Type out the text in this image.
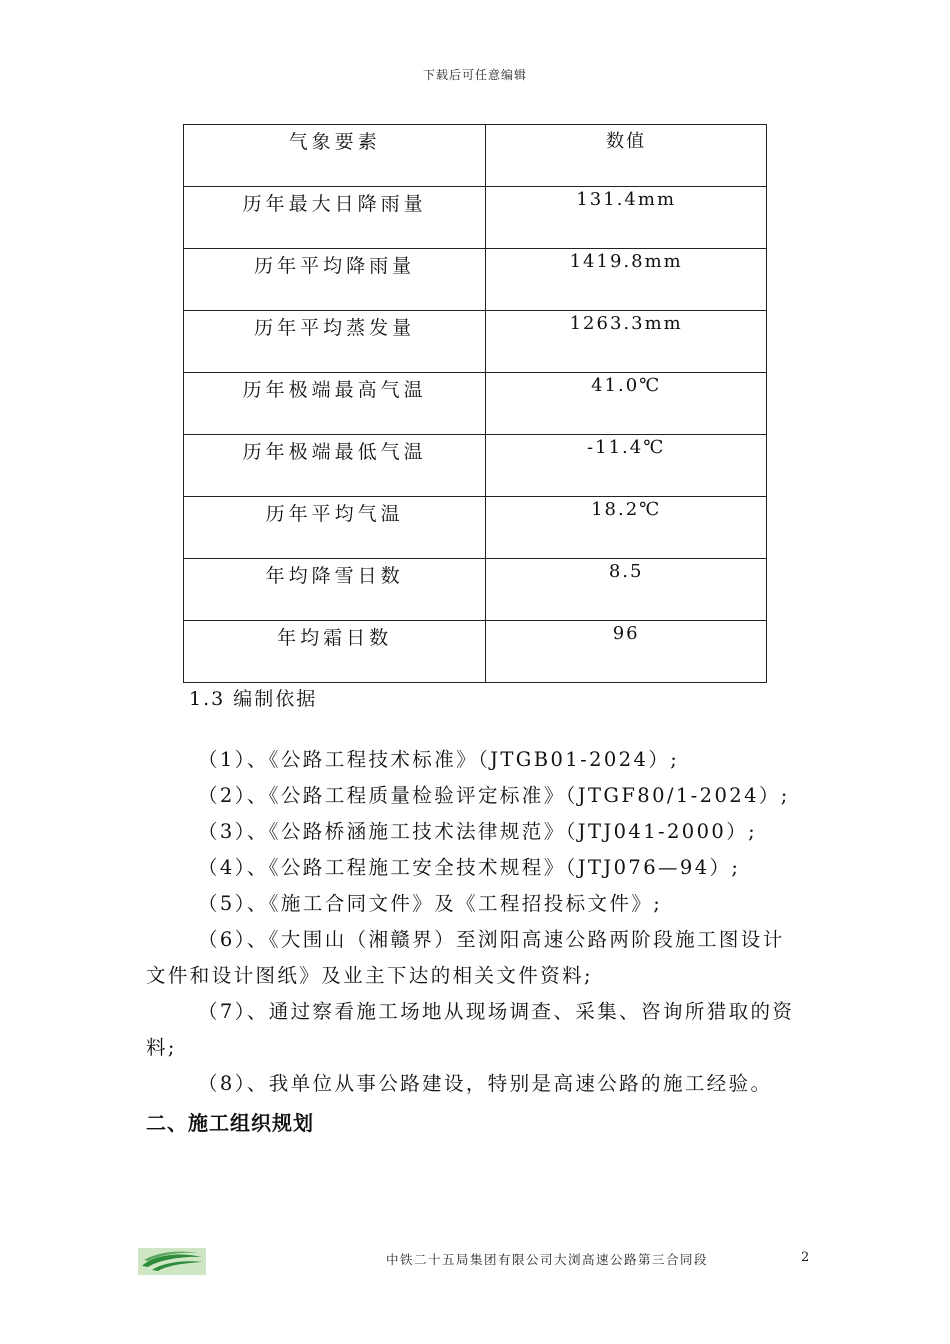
下载后可任意编辑
气象要素	数值
历年最大日降雨量	131.4mm
历年平均降雨量	1419.8mm
历年平均蒸发量	1263.3mm
历年极端最高气温	41.0℃
历年极端最低气温	-11.4℃
历年平均气温	18.2℃
年均降雪日数	8.5
年均霜日数	96
1.3 编制依据

（1）、《公路工程技术标准》（JTGB01-2024）;

（2）、《公路工程质量检验评定标准》（JTGF80/1-2024）;

（3）、《公路桥涵施工技术法律规范》（JTJ041-2000）;

（4）、《公路工程施工安全技术规程》（JTJ076—94）;

（5）、《施工合同文件》及《工程招投标文件》;

（6）、《大围山（湘赣界）至浏阳高速公路两阶段施工图设计文件和设计图纸》及业主下达的相关文件资料;

（7）、通过察看施工场地从现场调查、采集、咨询所猎取的资料;

（8）、我单位从事公路建设，特别是高速公路的施工经验。

二、施工组织规划
中铁二十五局集团有限公司大浏高速公路第三合同段	2
